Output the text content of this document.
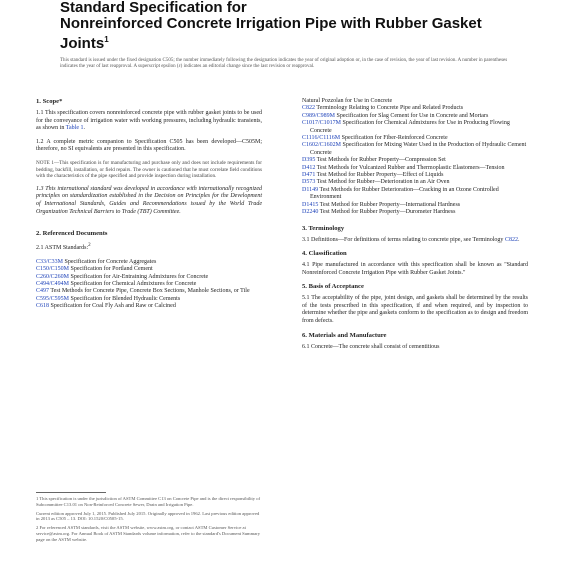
Standard Specification for
Nonreinforced Concrete Irrigation Pipe with Rubber Gasket
Joints$^1$
This standard is issued under the fixed designation C505; the number immediately following the designation indicates the year of original adoption or, in the case of revision, the year of last revision. A number in parentheses indicates the year of last reapproval. A superscript epsilon (ε) indicates an editorial change since the last revision or reapproval.
1. Scope*

1.1 This specification covers nonreinforced concrete pipe with rubber gasket joints to be used for the conveyance of irrigation water with working pressures, including hydraulic transients, as shown in Table 1.

1.2 A complete metric companion to Specification C505 has been developed—C505M; therefore, no SI equivalents are presented in this specification.

NOTE 1—This specification is for manufacturing and purchase only and does not include requirements for bedding, backfill, installation, or field repairs. The owner is cautioned that he must correlate field conditions with the characteristics of the pipe specified and provide inspection during installation.

1.3 This international standard was developed in accordance with internationally recognized principles on standardization established in the Decision on Principles for the Development of International Standards, Guides and Recommendations issued by the World Trade Organization Technical Barriers to Trade (TBT) Committee.

2. Referenced Documents

2.1 ASTM Standards:$^2$

C33/C33M Specification for Concrete Aggregates

C150/C150M Specification for Portland Cement

C260/C260M Specification for Air-Entraining Admixtures for Concrete

C494/C494M Specification for Chemical Admixtures for Concrete

C497 Test Methods for Concrete Pipe, Concrete Box Sections, Manhole Sections, or Tile

C595/C595M Specification for Blended Hydraulic Cements

C618 Specification for Coal Fly Ash and Raw or Calcined

1 This specification is under the jurisdiction of ASTM Committee C13 on Concrete Pipe and is the direct responsibility of Subcommittee C13.01 on Non-Reinforced Concrete Sewer, Drain and Irrigation Pipe.

Current edition approved July 1, 2015. Published July 2015. Originally approved in 1962. Last previous edition approved in 2013 as C505 – 13. DOI: 10.1520/C0505-15.

2 For referenced ASTM standards, visit the ASTM website, www.astm.org, or contact ASTM Customer Service at service@astm.org. For Annual Book of ASTM Standards volume information, refer to the standard's Document Summary page on the ASTM website.

Natural Pozzolan for Use in Concrete

C822 Terminology Relating to Concrete Pipe and Related Products

C989/C989M Specification for Slag Cement for Use in Concrete and Mortars

C1017/C1017M Specification for Chemical Admixtures for Use in Producing Flowing Concrete

C1116/C1116M Specification for Fiber-Reinforced Concrete

C1602/C1602M Specification for Mixing Water Used in the Production of Hydraulic Cement Concrete

D395 Test Methods for Rubber Property—Compression Set

D412 Test Methods for Vulcanized Rubber and Thermoplastic Elastomers—Tension

D471 Test Method for Rubber Property—Effect of Liquids

D573 Test Method for Rubber—Deterioration in an Air Oven

D1149 Test Methods for Rubber Deterioration—Cracking in an Ozone Controlled Environment

D1415 Test Method for Rubber Property—International Hardness

D2240 Test Method for Rubber Property—Durometer Hardness

3. Terminology

3.1 Definitions—For definitions of terms relating to concrete pipe, see Terminology C822.

4. Classification

4.1 Pipe manufactured in accordance with this specification shall be known as "Standard Nonreinforced Concrete Irrigation Pipe with Rubber Gasket Joints."

5. Basis of Acceptance

5.1 The acceptability of the pipe, joint design, and gaskets shall be determined by the results of the tests prescribed in this specification, if and when required, and by inspection to determine whether the pipe and gaskets conform to the specification as to design and freedom from defects.

6. Materials and Manufacture

6.1 Concrete—The concrete shall consist of cementitious
